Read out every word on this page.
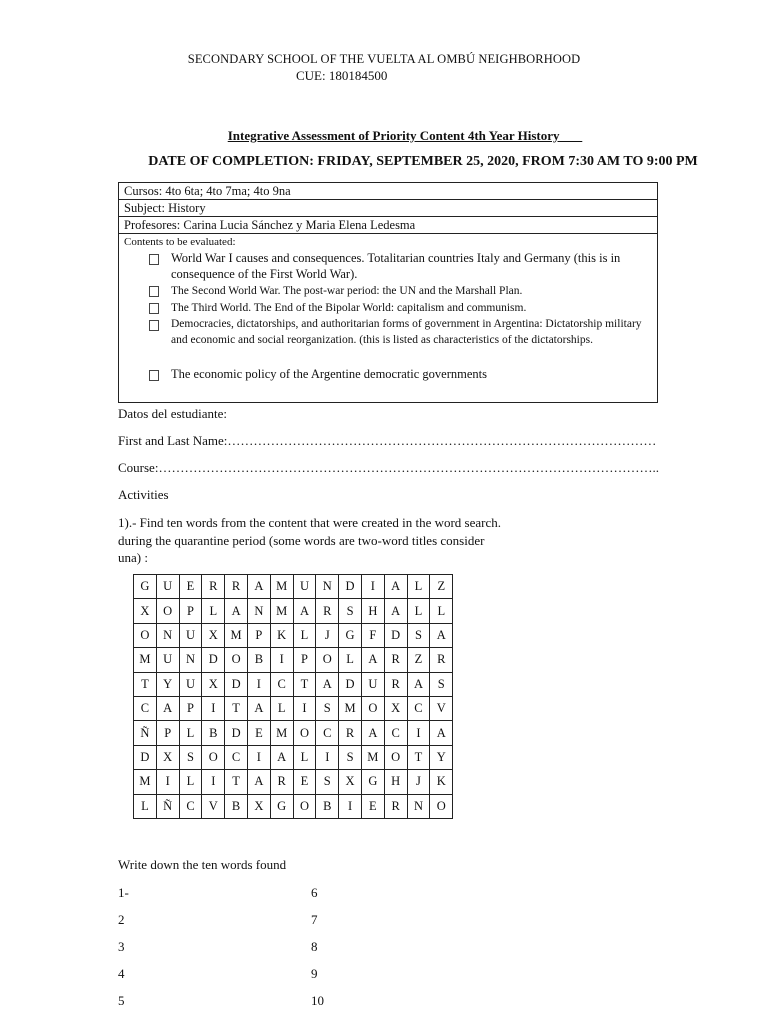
SECONDARY SCHOOL OF THE VUELTA AL OMBÚ NEIGHBORHOOD
CUE: 180184500
Integrative Assessment of Priority Content 4th Year History
DATE OF COMPLETION: FRIDAY, SEPTEMBER 25, 2020, FROM 7:30 AM TO 9:00 PM
Cursos: 4to 6ta; 4to 7ma; 4to 9na
Subject: History
Profesores: Carina Lucia Sánchez y Maria Elena Ledesma
Contents to be evaluated:
World War I causes and consequences. Totalitarian countries Italy and Germany (this is in consequence of the First World War).
The Second World War. The post-war period: the UN and the Marshall Plan.
The Third World. The End of the Bipolar World: capitalism and communism.
Democracies, dictatorships, and authoritarian forms of government in Argentina: Dictatorship military and economic and social reorganization. (this is listed as characteristics of the dictatorships.
The economic policy of the Argentine democratic governments
Datos del estudiante:
First and Last Name:………………………………………………………………………………………
Course:……………………………………………………………………………………………………..
Activities
1).- Find ten words from the content that were created in the word search.
during the quarantine period (some words are two-word titles consider
una) :
G	U	E	R	R	A	M	U	N	D	I	A	L	Z
X	O	P	L	A	N	M	A	R	S	H	A	L	L
O	N	U	X	M	P	K	L	J	G	F	D	S	A
M	U	N	D	O	B	I	P	O	L	A	R	Z	R
T	Y	U	X	D	I	C	T	A	D	U	R	A	S
C	A	P	I	T	A	L	I	S	M	O	X	C	V
Ñ	P	L	B	D	E	M	O	C	R	A	C	I	A
D	X	S	O	C	I	A	L	I	S	M	O	T	Y
M	I	L	I	T	A	R	E	S	X	G	H	J	K
L	Ñ	C	V	B	X	G	O	B	I	E	R	N	O
Write down the ten words found
1-
2
3
4
5
6
7
8
9
10
